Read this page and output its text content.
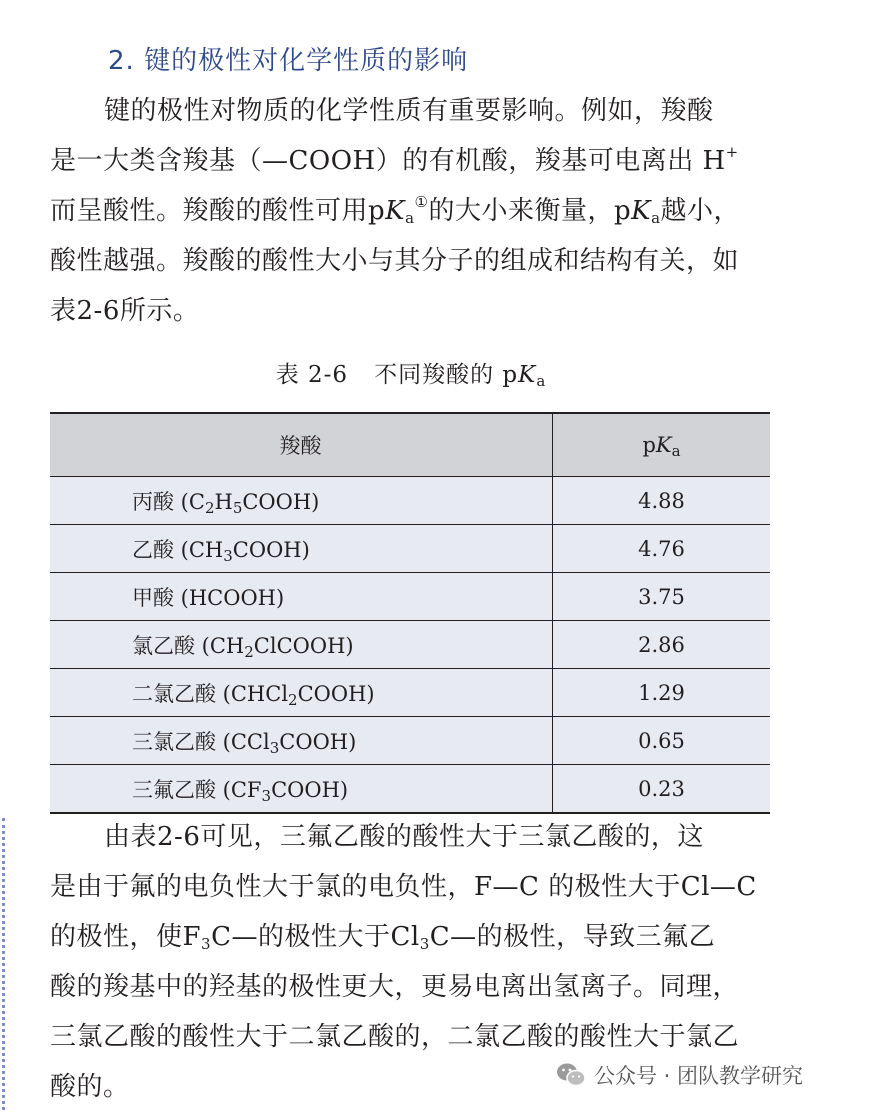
2. 键的极性对化学性质的影响

键的极性对物质的化学性质有重要影响。例如，羧酸
是一大类含羧基（—COOH）的有机酸，羧基可电离出 H+
而呈酸性。羧酸的酸性可用$pK_a^①$的大小来衡量，$pK_a$越小，
酸性越强。羧酸的酸性大小与其分子的组成和结构有关，如
表2-6所示。

表 2-6 不同羧酸的 $pK_a$
羧酸	$pK_a$
丙酸 $(C_2H_5COOH)$	4.88
乙酸 $(CH_3COOH)$	4.76
甲酸 (HCOOH)	3.75
氯乙酸 $(CH_2ClCOOH)$	2.86
二氯乙酸 (CHCl$_2$COOH)	1.29
三氯乙酸 (CCl$_3$COOH)	0.65
三氟乙酸 $(CF_3COOH)$	0.23

由表2-6可见，三氟乙酸的酸性大于三氯乙酸的，这
是由于氟的电负性大于氯的电负性，F—C 的极性大于Cl—C
的极性，使$F_3C—$的极性大于$Cl_3C—$的极性，导致三氟乙
酸的羧基中的羟基的极性更大，更易电离出氢离子。同理，
三氯乙酸的酸性大于二氯乙酸的，二氯乙酸的酸性大于氯乙
酸的。	公众号 · 团队教学研究
